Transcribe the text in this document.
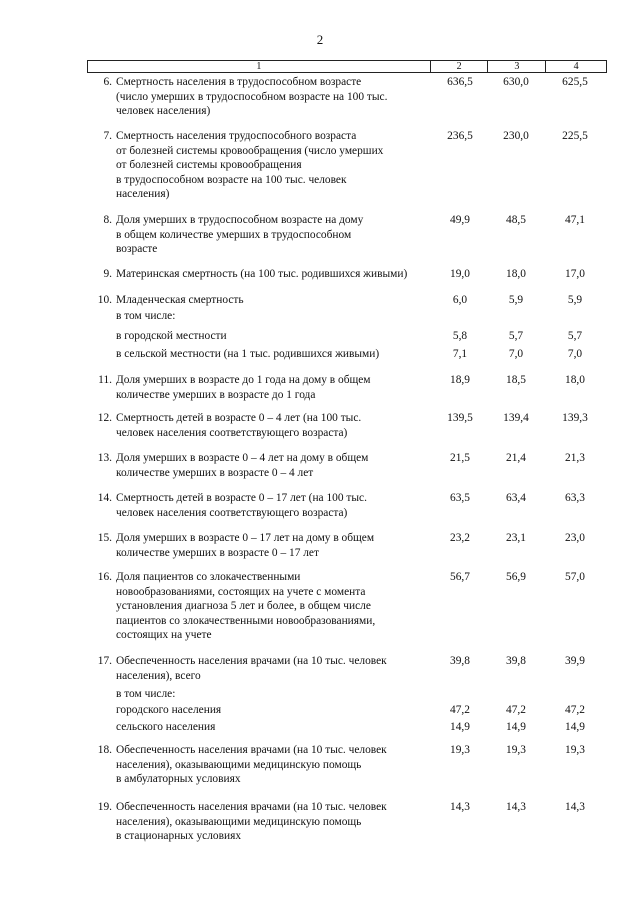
2
1	2	3	4
6. Смертность населения в трудоспособном возрасте
(число умерших в трудоспособном возрасте на 100 тыс.
человек населения)
636,5	630,0	625,5
7. Смертность населения трудоспособного возраста
от болезней системы кровообращения (число умерших
от болезней системы кровообращения
в трудоспособном возрасте на 100 тыс. человек
населения)
236,5	230,0	225,5
8. Доля умерших в трудоспособном возрасте на дому
в общем количестве умерших в трудоспособном
возрасте
49,9	48,5	47,1
9. Материнская смертность (на 100 тыс. родившихся живыми)	19,0	18,0	17,0
10. Младенческая смертность	6,0	5,9	5,9
в том числе:
в городской местности	5,8	5,7	5,7
в сельской местности (на 1 тыс. родившихся живыми)	7,1	7,0	7,0
11. Доля умерших в возрасте до 1 года на дому в общем
количестве умерших в возрасте до 1 года
18,9	18,5	18,0
12. Смертность детей в возрасте 0 – 4 лет (на 100 тыс.
человек населения соответствующего возраста)
139,5	139,4	139,3
13. Доля умерших в возрасте 0 – 4 лет на дому в общем
количестве умерших в возрасте 0 – 4 лет
21,5	21,4	21,3
14. Смертность детей в возрасте 0 – 17 лет (на 100 тыс.
человек населения соответствующего возраста)
63,5	63,4	63,3
15. Доля умерших в возрасте 0 – 17 лет на дому в общем
количестве умерших в возрасте 0 – 17 лет
23,2	23,1	23,0
16. Доля пациентов со злокачественными
новообразованиями, состоящих на учете с момента
установления диагноза 5 лет и более, в общем числе
пациентов со злокачественными новообразованиями,
состоящих на учете
56,7	56,9	57,0
17. Обеспеченность населения врачами (на 10 тыс. человек
населения), всего
39,8	39,8	39,9
в том числе:
городского населения	47,2	47,2	47,2
сельского населения	14,9	14,9	14,9
18. Обеспеченность населения врачами (на 10 тыс. человек
населения), оказывающими медицинскую помощь
в амбулаторных условиях
19,3	19,3	19,3
19. Обеспеченность населения врачами (на 10 тыс. человек
населения), оказывающими медицинскую помощь
в стационарных условиях
14,3	14,3	14,3
